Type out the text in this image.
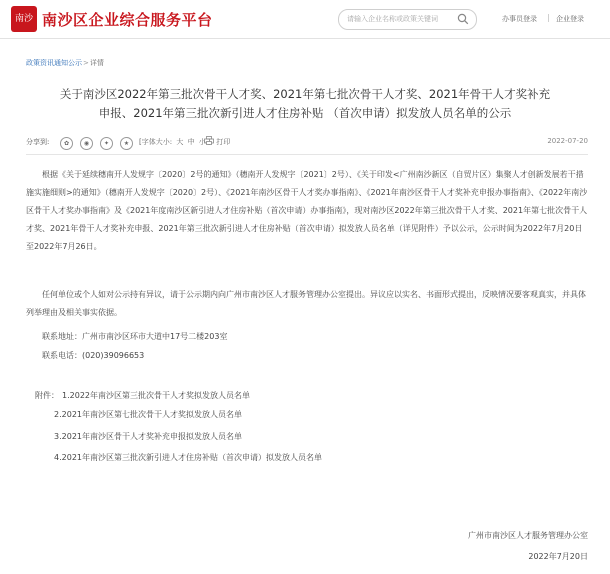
南沙 南沙区企业综合服务平台
请输入企业名称或政策关键词	办事员登录 | 企业登录
政策资讯通知公示>详情
关于南沙区2022年第三批次骨干人才奖、2021年第七批次骨干人才奖、2021年骨干人才奖补充
申报、2021年第三批次新引进人才住房补贴 （首次申请）拟发放人员名单的公示
分享到:	✿	◉	✦	★	[字体大小: 大 中 小	打印	2022-07-20
根据《关于延续穗南开人发规字〔2020〕2号的通知》（穗南开人发规字〔2021〕2号）、《关于印发<广州南沙新区（自贸片区）集聚人才创新发展若干措施实施细则>的通知》（穗南开人发规字〔2020〕2号）、《2021年南沙区骨干人才奖办事指南》、《2021年南沙区骨干人才奖补充申报办事指南》、《2022年南沙区骨干人才奖办事指南》及《2021年度南沙区新引进人才住房补贴（首次申请）办事指南》，现对南沙区2022年第三批次骨干人才奖、2021年第七批次骨干人才奖、2021年骨干人才奖补充申报、2021年第三批次新引进人才住房补贴（首次申请）拟发放人员名单（详见附件）予以公示，公示时间为2022年7月20日至2022年7月26日。
任何单位或个人如对公示持有异议，请于公示期内向广州市南沙区人才服务管理办公室提出。异议应以实名、书面形式提出，反映情况要客观真实，并具体列举理由及相关事实依据。
联系地址：广州市南沙区环市大道中17号二楼203室
联系电话：(020)39096653
附件： 1.2022年南沙区第三批次骨干人才奖拟发放人员名单
2.2021年南沙区第七批次骨干人才奖拟发放人员名单
3.2021年南沙区骨干人才奖补充申报拟发放人员名单
4.2021年南沙区第三批次新引进人才住房补贴（首次申请）拟发放人员名单
广州市南沙区人才服务管理办公室
2022年7月20日
